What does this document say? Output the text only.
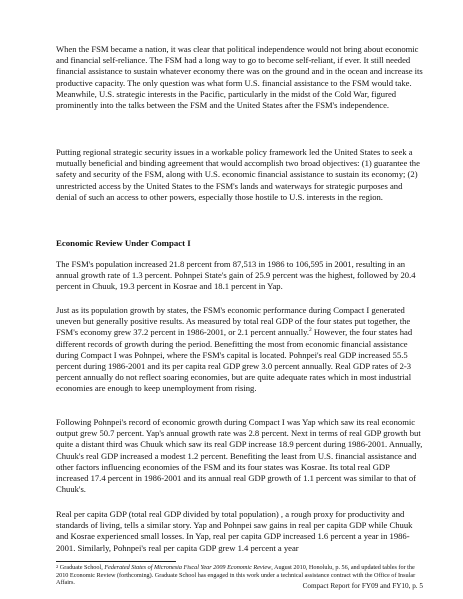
When the FSM became a nation, it was clear that political independence would not bring about economic and financial self-reliance. The FSM had a long way to go to become self-reliant, if ever. It still needed financial assistance to sustain whatever economy there was on the ground and in the ocean and increase its productive capacity. The only question was what form U.S. financial assistance to the FSM would take. Meanwhile, U.S. strategic interests in the Pacific, particularly in the midst of the Cold War, figured prominently into the talks between the FSM and the United States after the FSM's independence.

Putting regional strategic security issues in a workable policy framework led the United States to seek a mutually beneficial and binding agreement that would accomplish two broad objectives: (1) guarantee the safety and security of the FSM, along with U.S. economic financial assistance to sustain its economy; (2) unrestricted access by the United States to the FSM's lands and waterways for strategic purposes and denial of such an access to other powers, especially those hostile to U.S. interests in the region.

Economic Review Under Compact I

The FSM's population increased 21.8 percent from 87,513 in 1986 to 106,595 in 2001, resulting in an annual growth rate of 1.3 percent. Pohnpei State's gain of 25.9 percent was the highest, followed by 20.4 percent in Chuuk, 19.3 percent in Kosrae and 18.1 percent in Yap.

Just as its population growth by states, the FSM's economic performance during Compact I generated uneven but generally positive results. As measured by total real GDP of the four states put together, the FSM's economy grew 37.2 percent in 1986-2001, or 2.1 percent annually.$^2$ However, the four states had different records of growth during the period. Benefitting the most from economic financial assistance during Compact I was Pohnpei, where the FSM's capital is located. Pohnpei's real GDP increased 55.5 percent during 1986-2001 and its per capita real GDP grew 3.0 percent annually. Real GDP rates of 2-3 percent annually do not reflect soaring economies, but are quite adequate rates which in most industrial economies are enough to keep unemployment from rising.

Following Pohnpei's record of economic growth during Compact I was Yap which saw its real economic output grew 50.7 percent. Yap's annual growth rate was 2.8 percent. Next in terms of real GDP growth but quite a distant third was Chuuk which saw its real GDP increase 18.9 percent during 1986-2001. Annually, Chuuk's real GDP increased a modest 1.2 percent. Benefiting the least from U.S. financial assistance and other factors influencing economies of the FSM and its four states was Kosrae. Its total real GDP increased 17.4 percent in 1986-2001 and its annual real GDP growth of 1.1 percent was similar to that of Chuuk's.

Real per capita GDP (total real GDP divided by total population) , a rough proxy for productivity and standards of living, tells a similar story. Yap and Pohnpei saw gains in real per capita GDP while Chuuk and Kosrae experienced small losses. In Yap, real per capita GDP increased 1.6 percent a year in 1986-2001. Similarly, Pohnpei's real per capita GDP grew 1.4 percent a year

$^2$ Graduate School, Federated States of Micronesia Fiscal Year 2009 Economic Review, August 2010, Honolulu, p. 56, and updated tables for the 2010 Economic Review (forthcoming). Graduate School has engaged in this work under a technical assistance contract with the Office of Insular Affairs.	Compact Report for FY09 and FY10, p. 5
